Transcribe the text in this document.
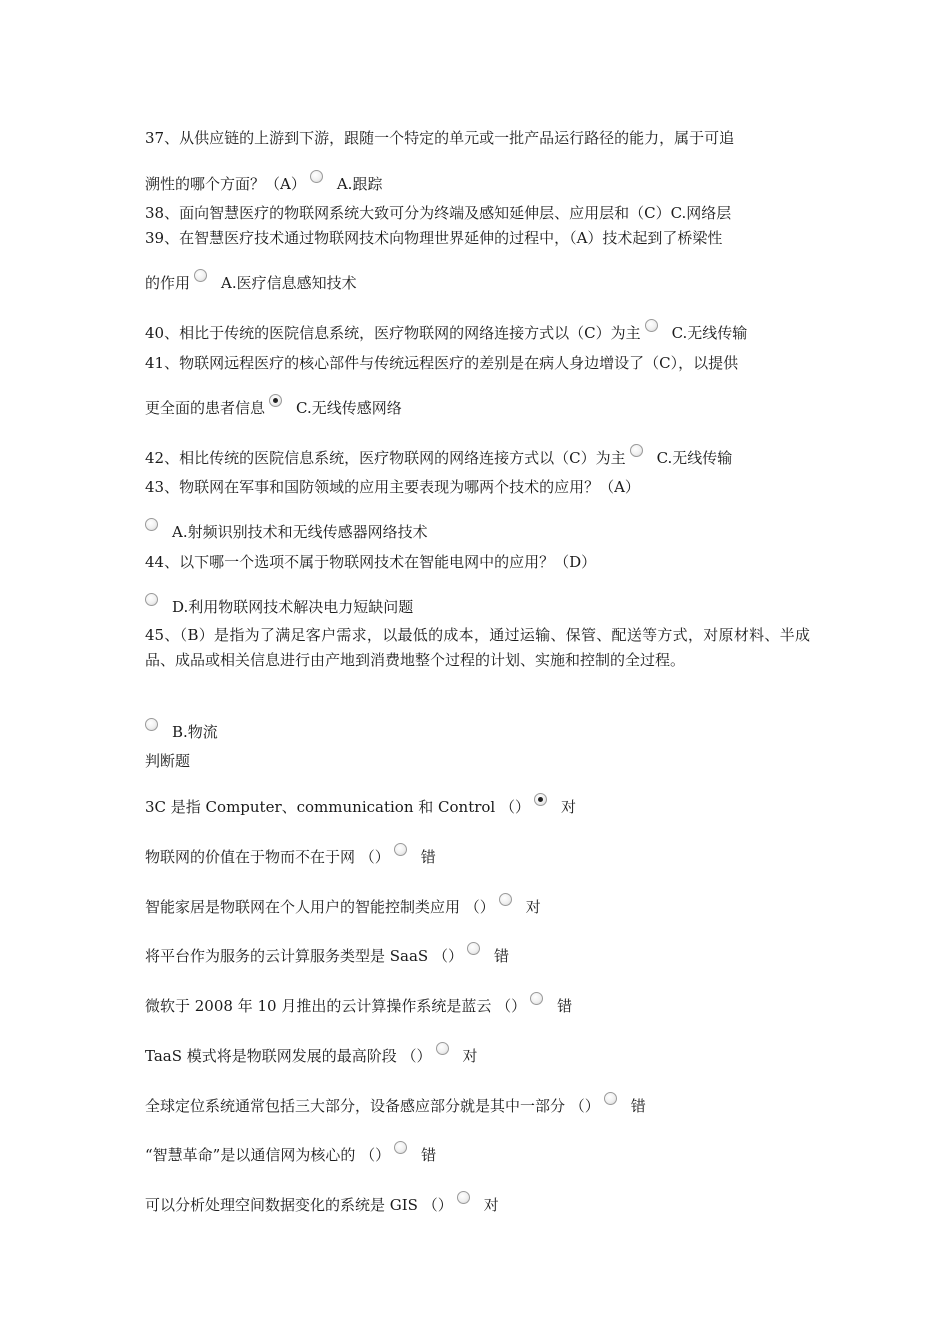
37、从供应链的上游到下游，跟随一个特定的单元或一批产品运行路径的能力，属于可追
溯性的哪个方面？（A） A.跟踪
38、面向智慧医疗的物联网系统大致可分为终端及感知延伸层、应用层和（C）C.网络层
39、在智慧医疗技术通过物联网技术向物理世界延伸的过程中，（A）技术起到了桥梁性
的作用 A.医疗信息感知技术
40、相比于传统的医院信息系统，医疗物联网的网络连接方式以（C）为主 C.无线传输
41、物联网远程医疗的核心部件与传统远程医疗的差别是在病人身边增设了（C），以提供
更全面的患者信息 C.无线传感网络
42、相比传统的医院信息系统，医疗物联网的网络连接方式以（C）为主 C.无线传输
43、物联网在军事和国防领域的应用主要表现为哪两个技术的应用？（A）
A.射频识别技术和无线传感器网络技术
44、以下哪一个选项不属于物联网技术在智能电网中的应用？（D）
D.利用物联网技术解决电力短缺问题
45、（B）是指为了满足客户需求，以最低的成本，通过运输、保管、配送等方式，对原材料、半成品、成品或相关信息进行由产地到消费地整个过程的计划、实施和控制的全过程。
B.物流
判断题
3C 是指 Computer、communication 和 Control （） 对
物联网的价值在于物而不在于网 （） 错
智能家居是物联网在个人用户的智能控制类应用 （） 对
将平台作为服务的云计算服务类型是 SaaS （） 错
微软于 2008 年 10 月推出的云计算操作系统是蓝云 （） 错
TaaS 模式将是物联网发展的最高阶段 （） 对
全球定位系统通常包括三大部分，设备感应部分就是其中一部分 （） 错
“智慧革命”是以通信网为核心的 （） 错
可以分析处理空间数据变化的系统是 GIS （） 对
